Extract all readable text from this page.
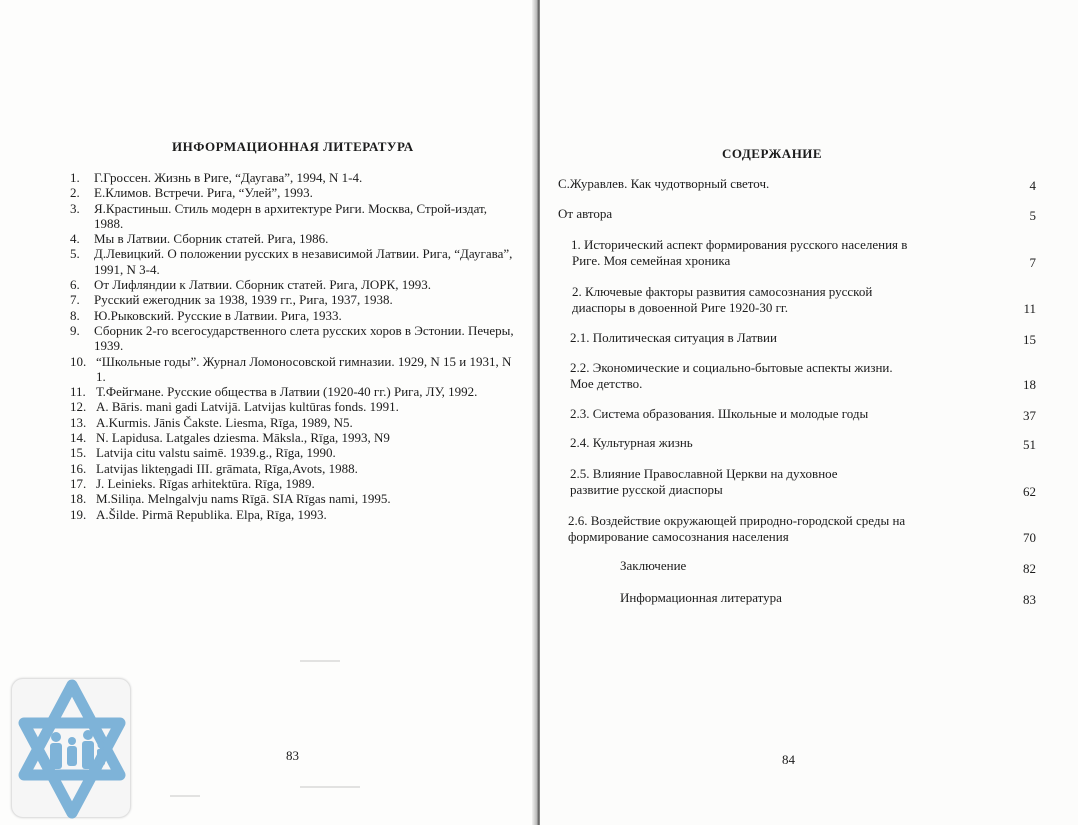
ИНФОРМАЦИОННАЯ ЛИТЕРАТУРА
1.	Г.Гроссен. Жизнь в Риге, “Даугава”, 1994, N 1-4.
2.	Е.Климов. Встречи. Рига, “Улей”, 1993.
3.	Я.Крастиньш. Стиль модерн в архитектуре Риги. Москва, Строй-издат, 1988.
4.	Мы в Латвии. Сборник статей. Рига, 1986.
5.	Д.Левицкий. О положении русских в независимой Латвии. Рига, “Даугава”, 1991, N 3-4.
6.	От Лифляндии к Латвии. Сборник статей. Рига, ЛОРК, 1993.
7.	Русский ежегодник за 1938, 1939 гг., Рига, 1937, 1938.
8.	Ю.Рыковский. Русские в Латвии. Рига, 1933.
9.	Сборник 2-го всегосударственного слета русских хоров в Эстонии. Печеры, 1939.
10. “Школьные годы”. Журнал Ломоносовской гимназии. 1929, N 15 и 1931, N 1.
11. Т.Фейгмане. Русские общества в Латвии (1920-40 гг.) Рига, ЛУ, 1992.
12. A. Bāris. mani gadi Latvijā. Latvijas kultūras fonds. 1991.
13. A.Kurmis. Jānis Čakste. Liesma, Rīga, 1989, N5.
14. N. Lapidusa. Latgales dziesma. Māksla., Rīga, 1993, N9
15. Latvija citu valstu saimē. 1939.g., Rīga, 1990.
16. Latvijas likteņgadi III. grāmata, Rīga,Avots, 1988.
17. J. Leinieks. Rīgas arhitektūra. Rīga, 1989.
18. M.Siliņa. Melngalvju nams Rīgā. SIA Rīgas nami, 1995.
19. A.Šilde. Pirmā Republika. Elpa, Rīga, 1993.
83
С.Журавлев. Как чудотворный светоч.	4
От автора	5
1. Исторический аспект формирования русского населения в Риге. Моя семейная хроника	7
2. Ключевые факторы развития самосознания русской диаспоры в довоенной Риге 1920-30 гг.	11
2.1. Политическая ситуация в Латвии	15
2.2. Экономические и социально-бытовые аспекты жизни. Мое детство.	18
2.3. Система образования. Школьные и молодые годы	37
2.4. Культурная жизнь	51
2.5. Влияние Православной Церкви на духовное развитие русской диаспоры	62
2.6. Воздействие окружающей природно-городской среды на формирование самосознания населения	70
Заключение	82
Информационная литература	83
СОДЕРЖАНИЕ
84
